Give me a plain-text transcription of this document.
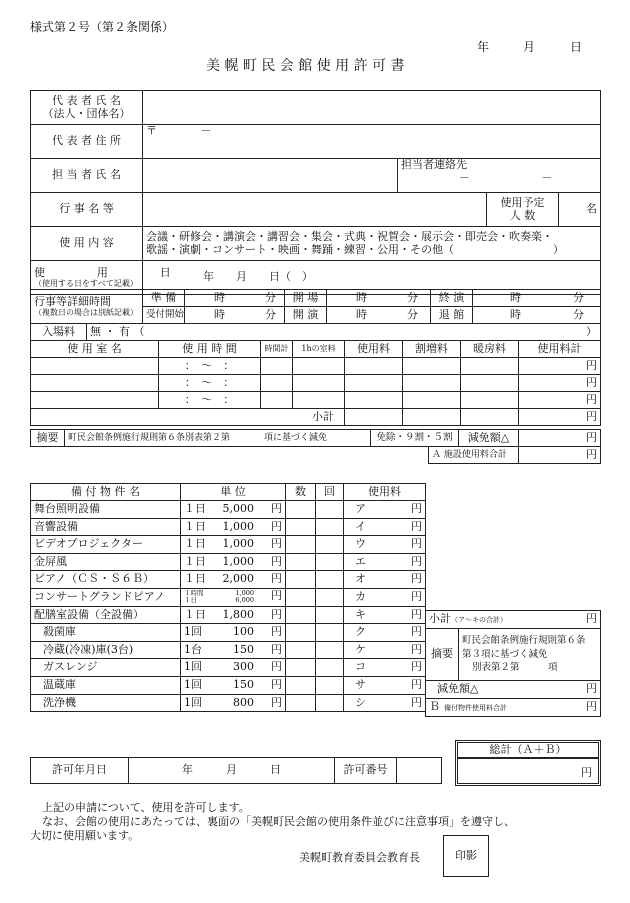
様式第２号（第２条関係）
年	月	日
美 幌 町 民 会 館 使 用 許 可 書
代 表 者 氏 名
（法人・団体名）				

代 表 者 住 所	〒 －			
担 当 者 氏 名		担当者連絡先
－ －		

行 事 名 等			使用予定
人 数	名
使 用 内 容	会議・研修会・講演会・講習会・集会・式典・祝賀会・展示会・即売会・吹奏楽・
歌謡・演劇・コンサート・映画・舞踊・練習・公用・その他（　　　　　　　　　）			

使 用 日
（使用する日をすべて記載）	年　　月　　日（　）			
行事等詳細時間
（複数日の場合は別紙記載）	準 備	時 分	開 場	時 分	終 演	時 分
	受付開始	時 分	開 演	時 分	退 館	時 分
入場料	無 ・ 有 （	）
使 用 室 名	使 用 時 間	時間計	1hの室料	使用料	割増料	暖房料	使用料計
	：　～　：						円
	：　～　：						円
	：　～　：						円
小計							円
摘要	町民会館条例施行規則第６条別表第２第	項に基づく減免	免除・９割・５割	減免額△	円
Ａ 施設使用料合計	円
備 付 物 件 名	単 位	数	回	使用料
舞台照明設備	１日 5,000 円			ア 円

音響設備	１日 1,000 円			イ 円

ビデオプロジェクター	１日 1,000 円			ウ 円

金屏風	１日 1,000 円			エ 円

ピアノ（ＣＳ・Ｓ６Ｂ）	１日 2,000 円			オ 円

コンサートグランドピアノ	１時間
１日1,000
6,000 円			カ 円

配膳室設備（全設備）	１日 1,800 円			キ 円

殺菌庫	1回 100 円			ク 円

冷蔵(冷凍)庫(3台)	1台 150 円			ケ 円

ガスレンジ	1回 300 円			コ 円

温蔵庫	1回 150 円			サ 円

洗浄機	1回 800 円			シ 円
小計（ア～キの合計）	円

摘要	
町民会館条例施行規則第６条
第３項に基づく減免
別表第２第　　　項

減免額△	円

Ｂ 備付物件使用料合計	円
総計（Ａ＋Ｂ）
円
許可年月日	年　　　月　　　日	許可番号	
上記の申請について、使用を許可します。
なお、会館の使用にあたっては、裏面の「美幌町民会館の使用条件並びに注意事項」を遵守し、
大切に使用願います。
美幌町教育委員会教育長	印影
